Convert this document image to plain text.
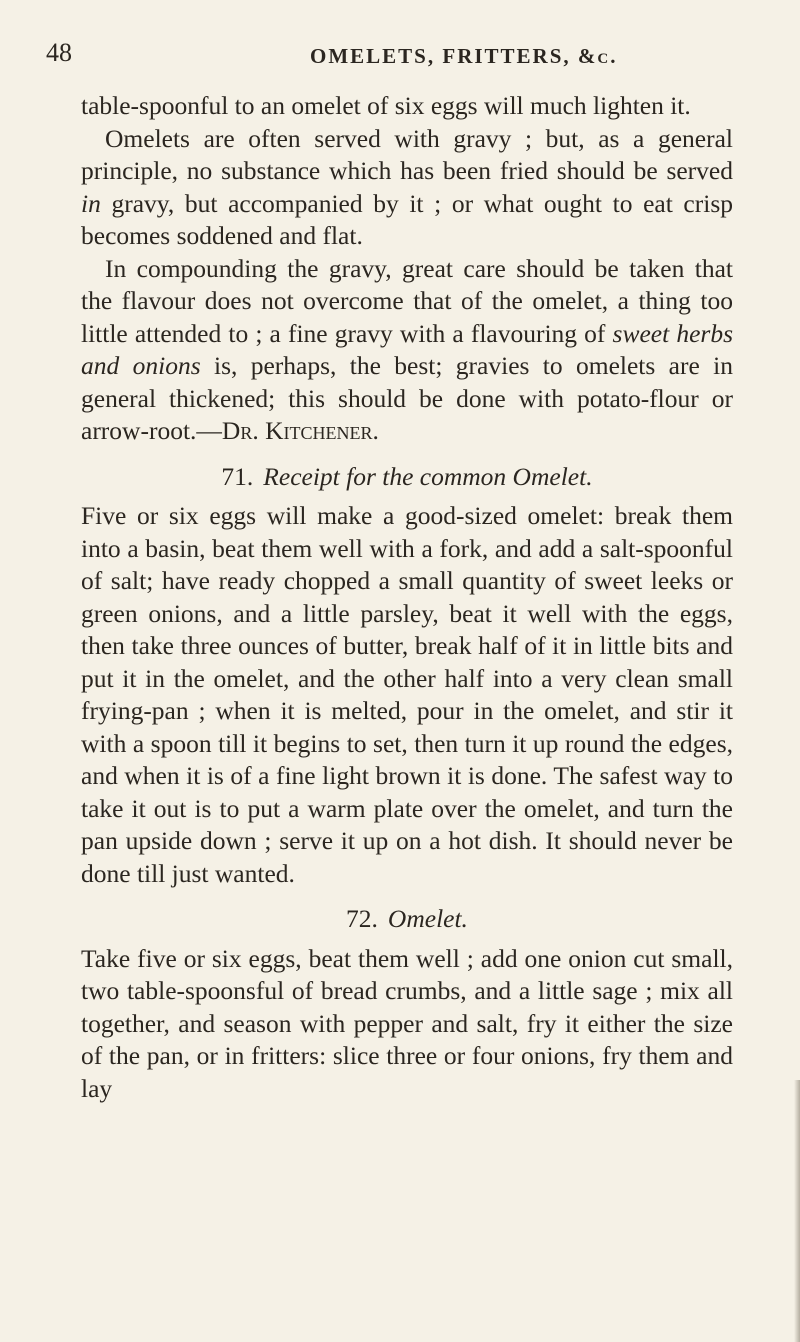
48	OMELETS, FRITTERS, &c.

table-spoonful to an omelet of six eggs will much lighten it.

Omelets are often served with gravy ; but, as a general principle, no substance which has been fried should be served in gravy, but accompanied by it ; or what ought to eat crisp becomes soddened and flat.

In compounding the gravy, great care should be taken that the flavour does not overcome that of the omelet, a thing too little attended to ; a fine gravy with a flavouring of sweet herbs and onions is, perhaps, the best; gravies to omelets are in general thickened; this should be done with potato-flour or arrow-root.—Dr. Kitchener.

71. Receipt for the common Omelet.

Five or six eggs will make a good-sized omelet: break them into a basin, beat them well with a fork, and add a salt-spoonful of salt; have ready chopped a small quantity of sweet leeks or green onions, and a little parsley, beat it well with the eggs, then take three ounces of butter, break half of it in little bits and put it in the omelet, and the other half into a very clean small frying-pan ; when it is melted, pour in the omelet, and stir it with a spoon till it begins to set, then turn it up round the edges, and when it is of a fine light brown it is done. The safest way to take it out is to put a warm plate over the omelet, and turn the pan upside down ; serve it up on a hot dish. It should never be done till just wanted.

72. Omelet.

Take five or six eggs, beat them well ; add one onion cut small, two table-spoonsful of bread crumbs, and a little sage ; mix all together, and season with pepper and salt, fry it either the size of the pan, or in fritters: slice three or four onions, fry them and lay
